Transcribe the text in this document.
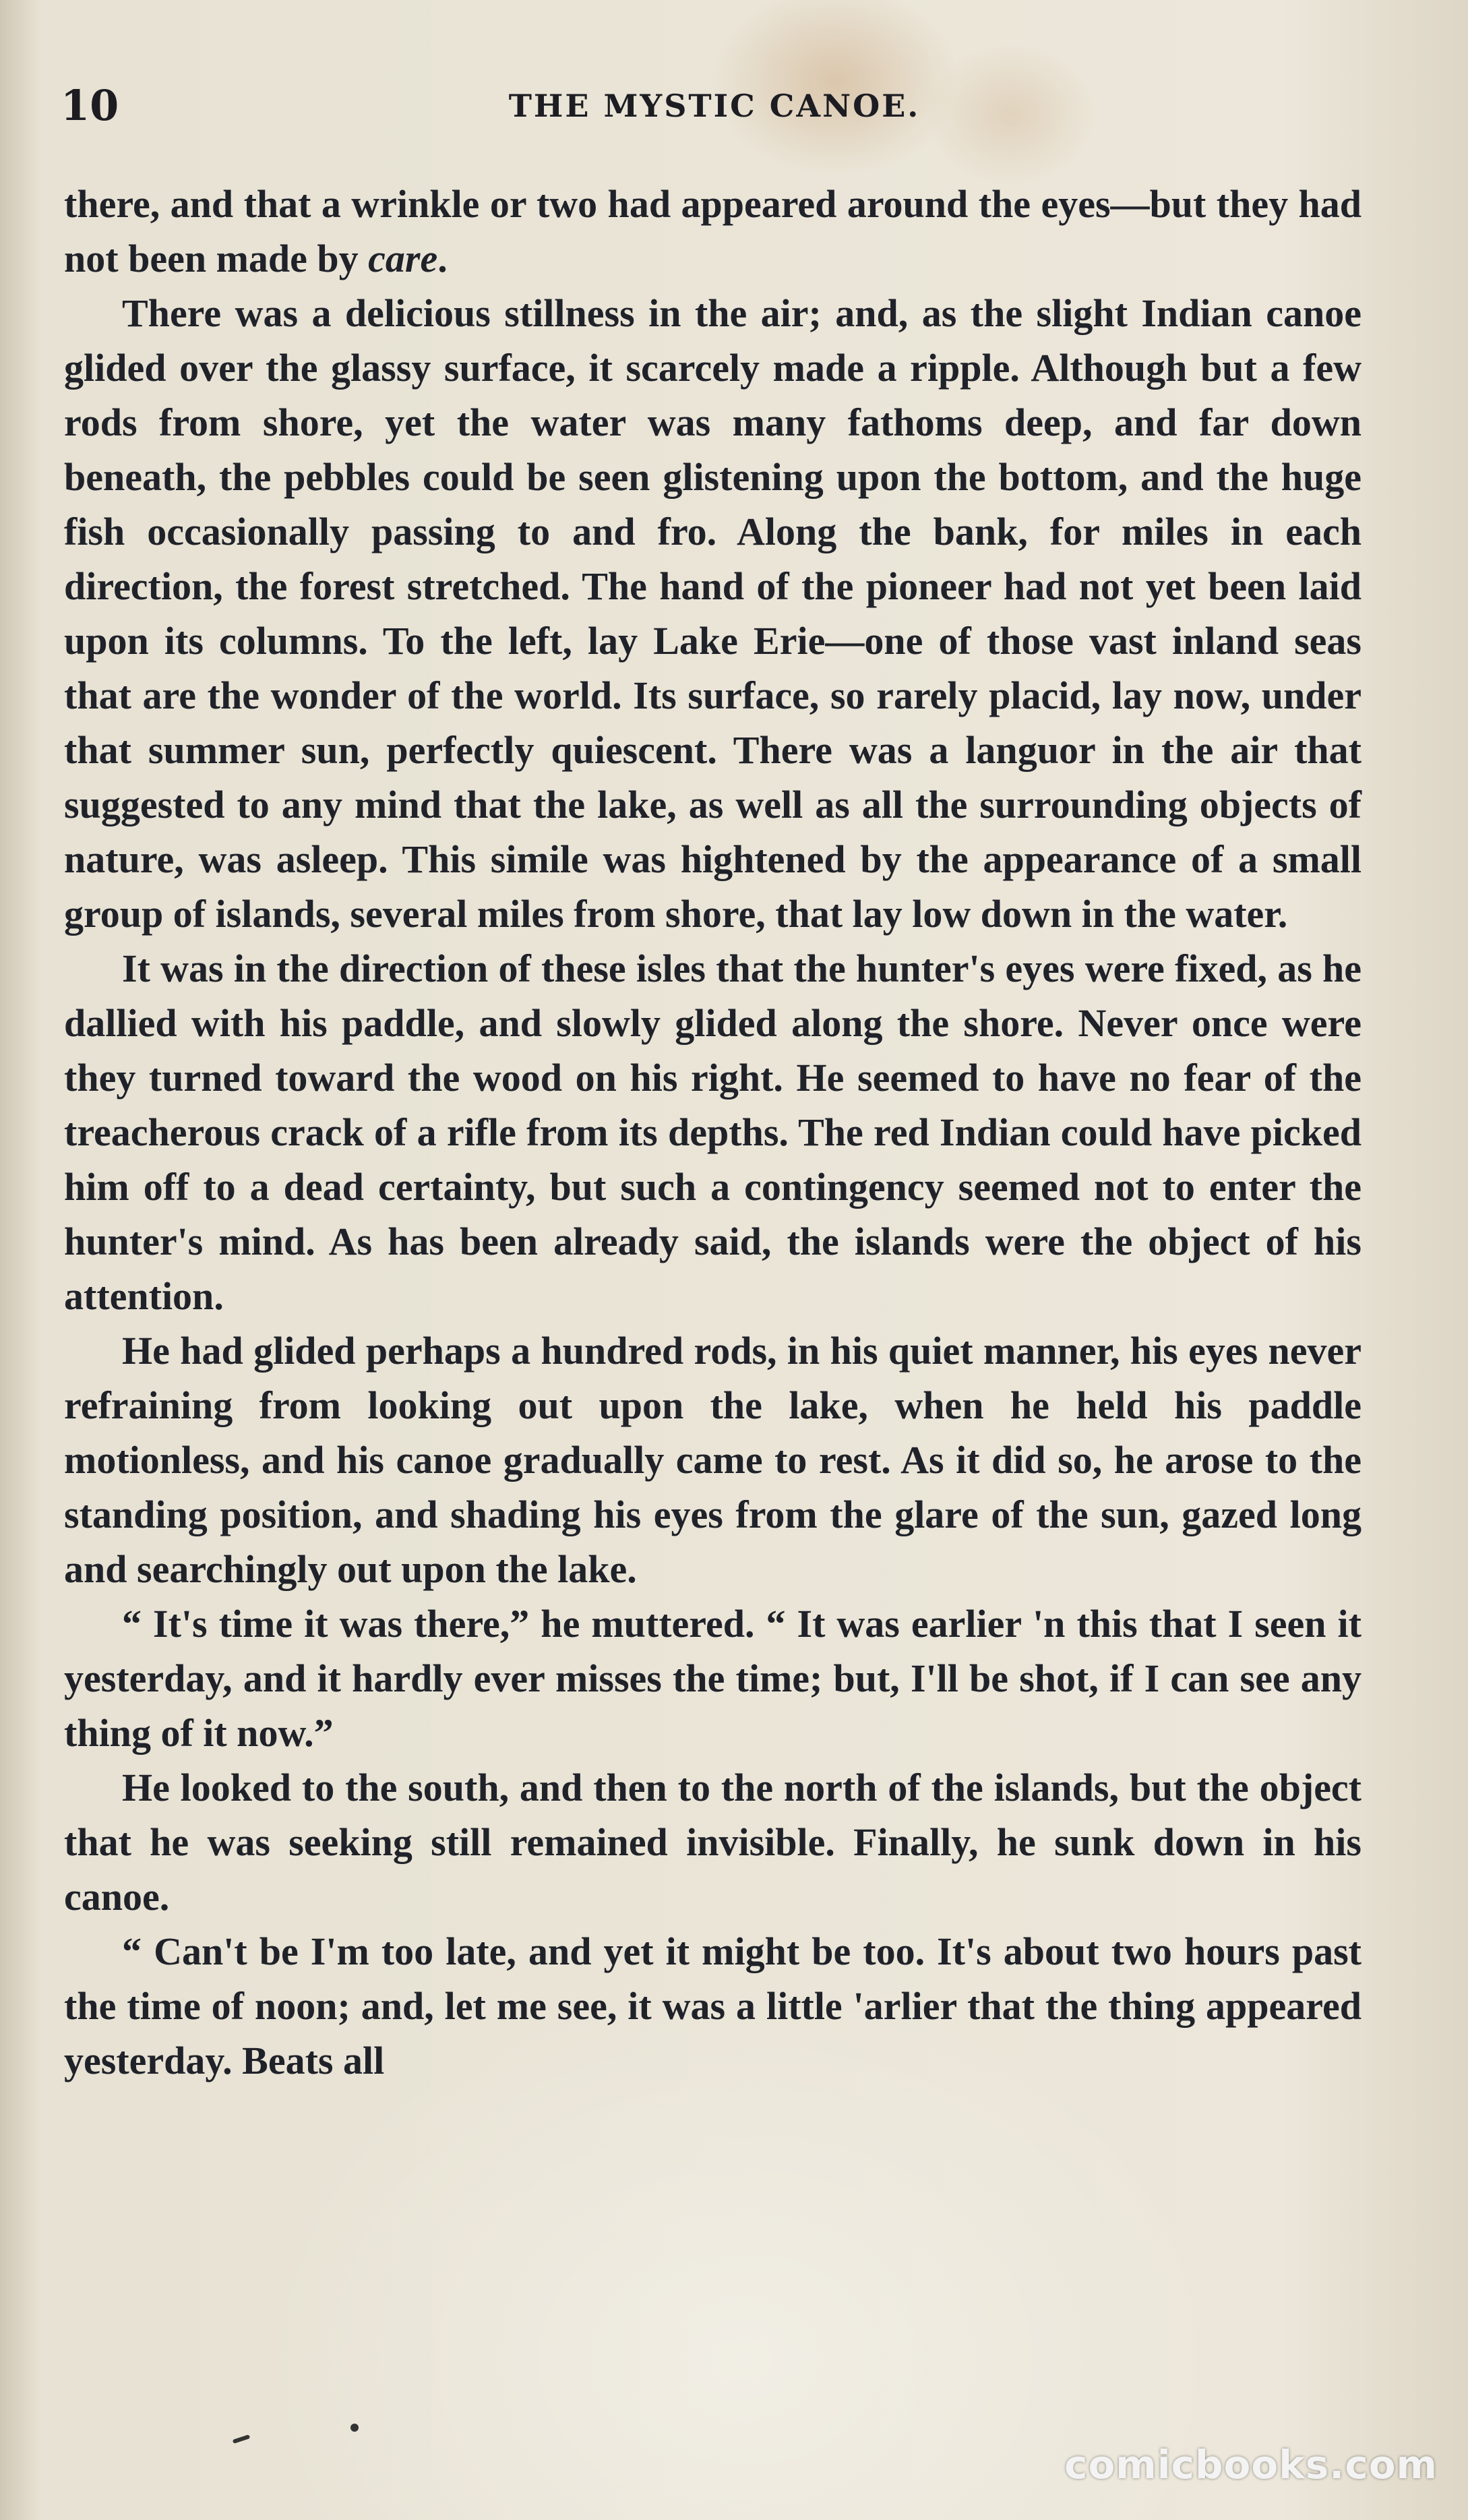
10	THE MYSTIC CANOE.

there, and that a wrinkle or two had appeared around the eyes—but they had not been made by care.

There was a delicious stillness in the air; and, as the slight Indian canoe glided over the glassy surface, it scarcely made a ripple. Although but a few rods from shore, yet the water was many fathoms deep, and far down beneath, the pebbles could be seen glistening upon the bottom, and the huge fish occasionally passing to and fro. Along the bank, for miles in each direction, the forest stretched. The hand of the pioneer had not yet been laid upon its columns. To the left, lay Lake Erie—one of those vast inland seas that are the wonder of the world. Its surface, so rarely placid, lay now, under that summer sun, perfectly quiescent. There was a languor in the air that suggested to any mind that the lake, as well as all the surrounding objects of nature, was asleep. This simile was hightened by the appearance of a small group of islands, several miles from shore, that lay low down in the water.

It was in the direction of these isles that the hunter's eyes were fixed, as he dallied with his paddle, and slowly glided along the shore. Never once were they turned toward the wood on his right. He seemed to have no fear of the treacherous crack of a rifle from its depths. The red Indian could have picked him off to a dead certainty, but such a contingency seemed not to enter the hunter's mind. As has been already said, the islands were the object of his attention.

He had glided perhaps a hundred rods, in his quiet manner, his eyes never refraining from looking out upon the lake, when he held his paddle motionless, and his canoe gradually came to rest. As it did so, he arose to the standing position, and shading his eyes from the glare of the sun, gazed long and searchingly out upon the lake.

“ It's time it was there,” he muttered. “ It was earlier 'n this that I seen it yesterday, and it hardly ever misses the time; but, I'll be shot, if I can see any thing of it now.”

He looked to the south, and then to the north of the islands, but the object that he was seeking still remained invisible. Finally, he sunk down in his canoe.

“ Can't be I'm too late, and yet it might be too. It's about two hours past the time of noon; and, let me see, it was a little 'arlier that the thing appeared yesterday. Beats all

comicbooks.com
